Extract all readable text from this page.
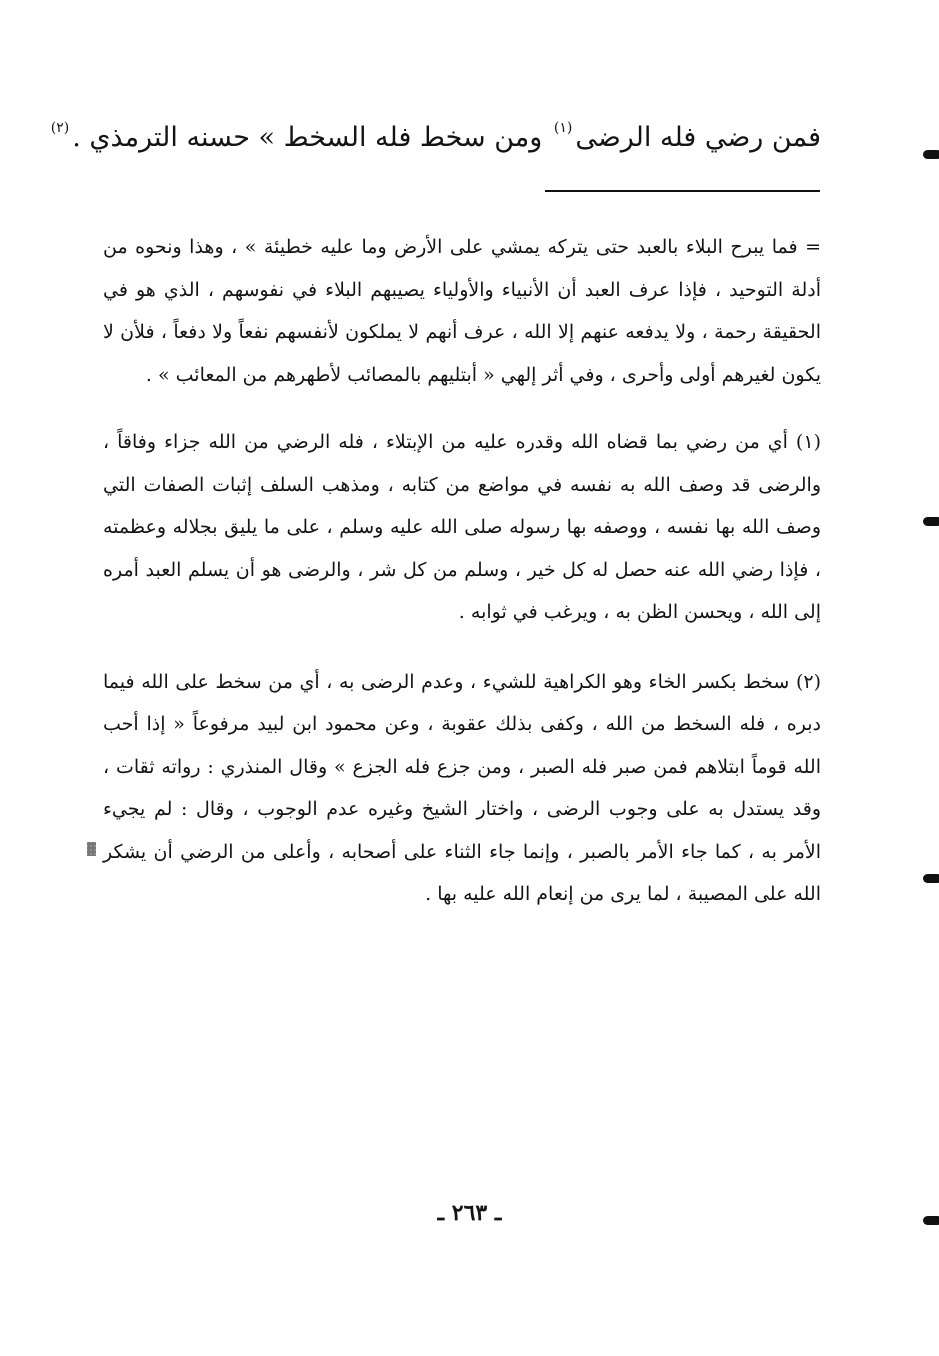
فمن رضي فله الرضى$^{(١)}$ ومن سخط فله السخط » حسنه الترمذي .$^{(٢)}$

= فما يبرح البلاء بالعبد حتى يتركه يمشي على الأرض وما عليه خطيئة » ، وهذا ونحوه من أدلة التوحيد ، فإذا عرف العبد أن الأنبياء والأولياء يصيبهم البلاء في نفوسهم ، الذي هو في الحقيقة رحمة ، ولا يدفعه عنهم إلا الله ، عرف أنهم لا يملكون لأنفسهم نفعاً ولا دفعاً ، فلأن لا يكون لغيرهم أولى وأحرى ، وفي أثر إلهي « أبتليهم بالمصائب لأطهرهم من المعائب » .

(١) أي من رضي بما قضاه الله وقدره عليه من الإبتلاء ، فله الرضي من الله جزاء وفاقاً ، والرضى قد وصف الله به نفسه في مواضع من كتابه ، ومذهب السلف إثبات الصفات التي وصف الله بها نفسه ، ووصفه بها رسوله صلى الله عليه وسلم ، على ما يليق بجلاله وعظمته ، فإذا رضي الله عنه حصل له كل خير ، وسلم من كل شر ، والرضى هو أن يسلم العبد أمره إلى الله ، ويحسن الظن به ، ويرغب في ثوابه .

(٢) سخط بكسر الخاء وهو الكراهية للشيء ، وعدم الرضى به ، أي من سخط على الله فيما دبره ، فله السخط من الله ، وكفى بذلك عقوبة ، وعن محمود ابن لبيد مرفوعاً « إذا أحب الله قوماً ابتلاهم فمن صبر فله الصبر ، ومن جزع فله الجزع » وقال المنذري : رواته ثقات ، وقد يستدل به على وجوب الرضى ، واختار الشيخ وغيره عدم الوجوب ، وقال : لم يجيء الأمر به ، كما جاء الأمر بالصبر ، وإنما جاء الثناء على أصحابه ، وأعلى من الرضي أن يشكر الله على المصيبة ، لما يرى من إنعام الله عليه بها .

ـ ٢٦٣ ـ
